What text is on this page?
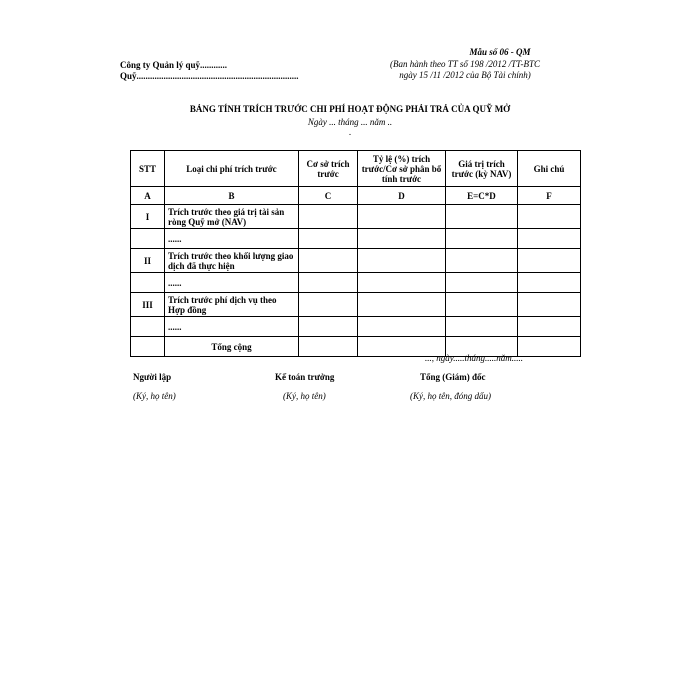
Mẫu số 06 - QM
(Ban hành theo TT số 198 /2012 /TT-BTC
ngày 15 /11 /2012 của Bộ Tài chính)
Công ty Quản lý quỹ............
Quỹ........................................................................
BẢNG TÍNH TRÍCH TRƯỚC CHI PHÍ HOẠT ĐỘNG PHẢI TRẢ CỦA QUỸ MỞ
Ngày ... tháng ... năm ..
.
STT	Loại chi phí trích trước	Cơ sở trích trước	Tỷ lệ (%) trích trước/Cơ sở phân bổ tính trước	Giá trị trích trước (kỳ NAV)	Ghi chú
A	B	C	D	E=C*D	F
I	Trích trước theo giá trị tài sản ròng Quỹ mở (NAV)				
	......				
II	Trích trước theo khối lượng giao dịch đã thực hiện				
	......				
III	Trích trước phí dịch vụ theo Hợp đồng				
	......				
	Tổng cộng				
..., ngày.....tháng.....năm.....
Người lập
(Ký, họ tên)
Kế toán trưởng
(Ký, họ tên)
Tổng (Giám) đốc
(Ký, họ tên, đóng dấu)
